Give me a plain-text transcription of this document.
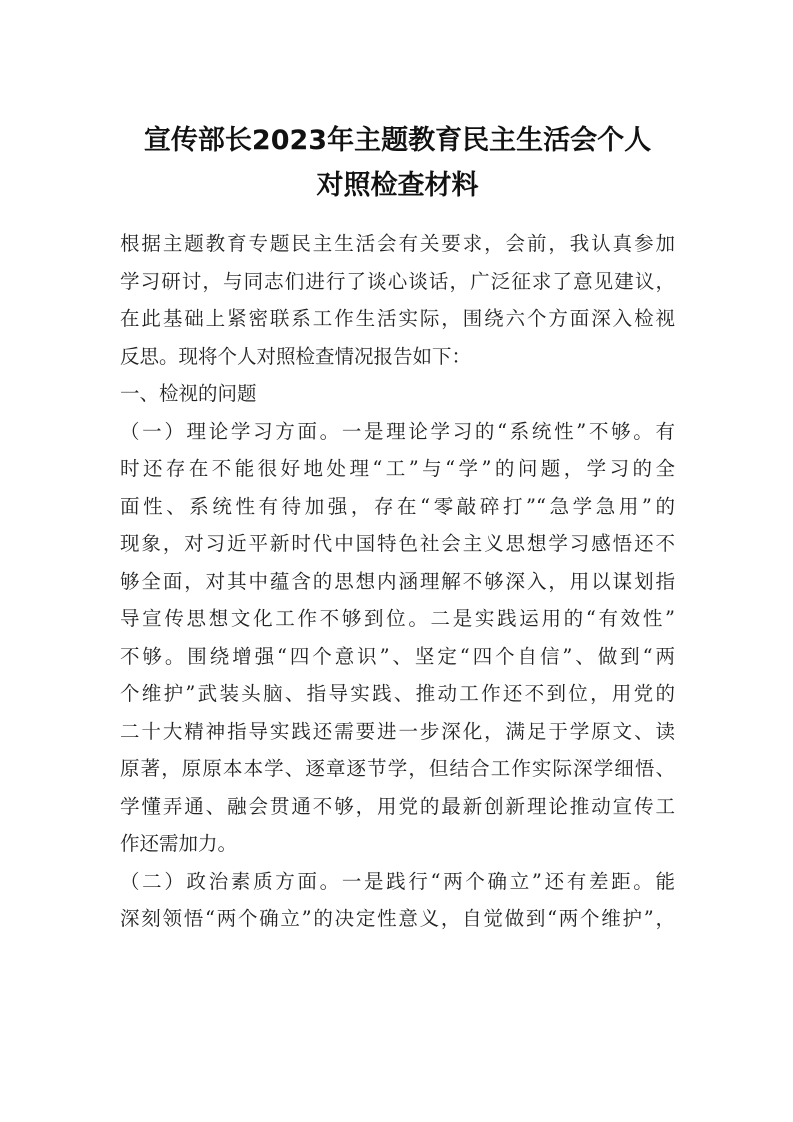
宣传部长2023年主题教育民主生活会个人
对照检查材料
根据主题教育专题民主生活会有关要求，会前，我认真参加
学习研讨，与同志们进行了谈心谈话，广泛征求了意见建议，
在此基础上紧密联系工作生活实际，围绕六个方面深入检视
反思。现将个人对照检查情况报告如下：
一、检视的问题
（一）理论学习方面。一是理论学习的“系统性”不够。有
时还存在不能很好地处理“工”与“学”的问题，学习的全
面性、系统性有待加强，存在“零敲碎打”“急学急用”的
现象，对习近平新时代中国特色社会主义思想学习感悟还不
够全面，对其中蕴含的思想内涵理解不够深入，用以谋划指
导宣传思想文化工作不够到位。二是实践运用的“有效性”
不够。围绕增强“四个意识”、坚定“四个自信”、做到“两
个维护”武装头脑、指导实践、推动工作还不到位，用党的
二十大精神指导实践还需要进一步深化，满足于学原文、读
原著，原原本本学、逐章逐节学，但结合工作实际深学细悟、
学懂弄通、融会贯通不够，用党的最新创新理论推动宣传工
作还需加力。
（二）政治素质方面。一是践行“两个确立”还有差距。能
深刻领悟“两个确立”的决定性意义，自觉做到“两个维护”，
